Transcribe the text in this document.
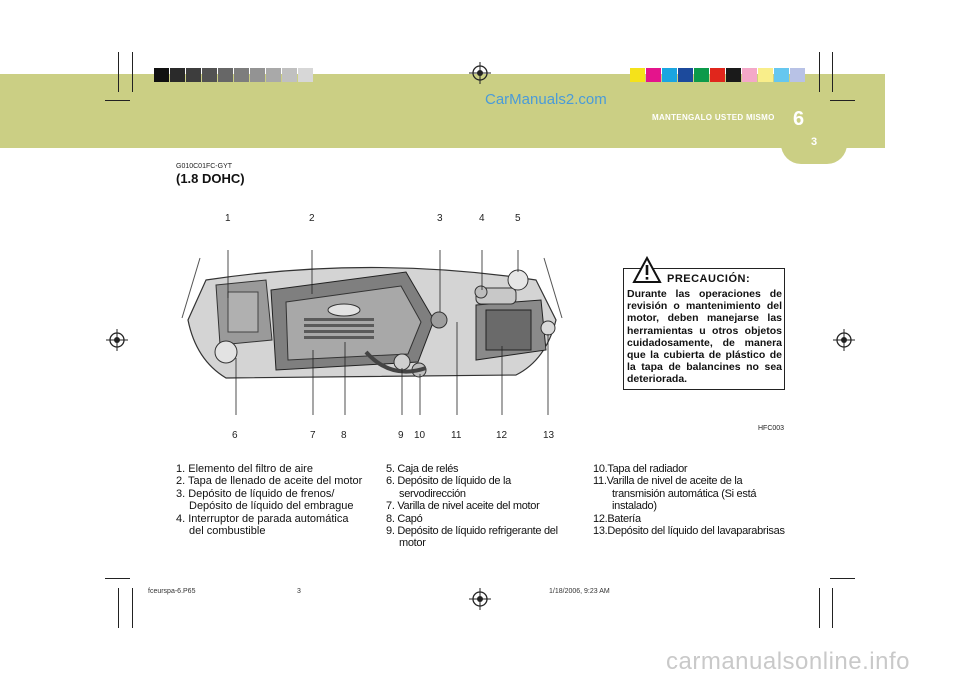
3
6
MANTENGALO USTED MISMO
CarManuals2.com
G010C01FC-GYT
(1.8 DOHC)
1	2	3	4	5
6	7	8	9 10	11	12	13
PRECAUCIÓN:
Durante las operaciones de revisión o mantenimiento del motor, deben manejarse las herramientas u otros objetos cuidadosamente, de manera que la cubierta de plástico de la tapa de balancines no sea deteriorada.
HFC003
1. Elemento del filtro de aire
2. Tapa de llenado de aceite del motor
3. Depósito de líquido de frenos/ Depósito de líquido del embrague
4. Interruptor de parada automática del combustible
5. Caja de relés
6. Depósito de líquido de la servodirección
7. Varilla de nivel aceite del motor
8. Capó
9. Depósito de líquido refrigerante del motor
10.Tapa del radiador
11.Varilla de nivel de aceite de la transmisión automática (Si está instalado)
12.Batería
13.Depósito del líquido del lavaparabrisas
fceurspa-6.P65	3	1/18/2006, 9:23 AM
carmanualsonline.info
